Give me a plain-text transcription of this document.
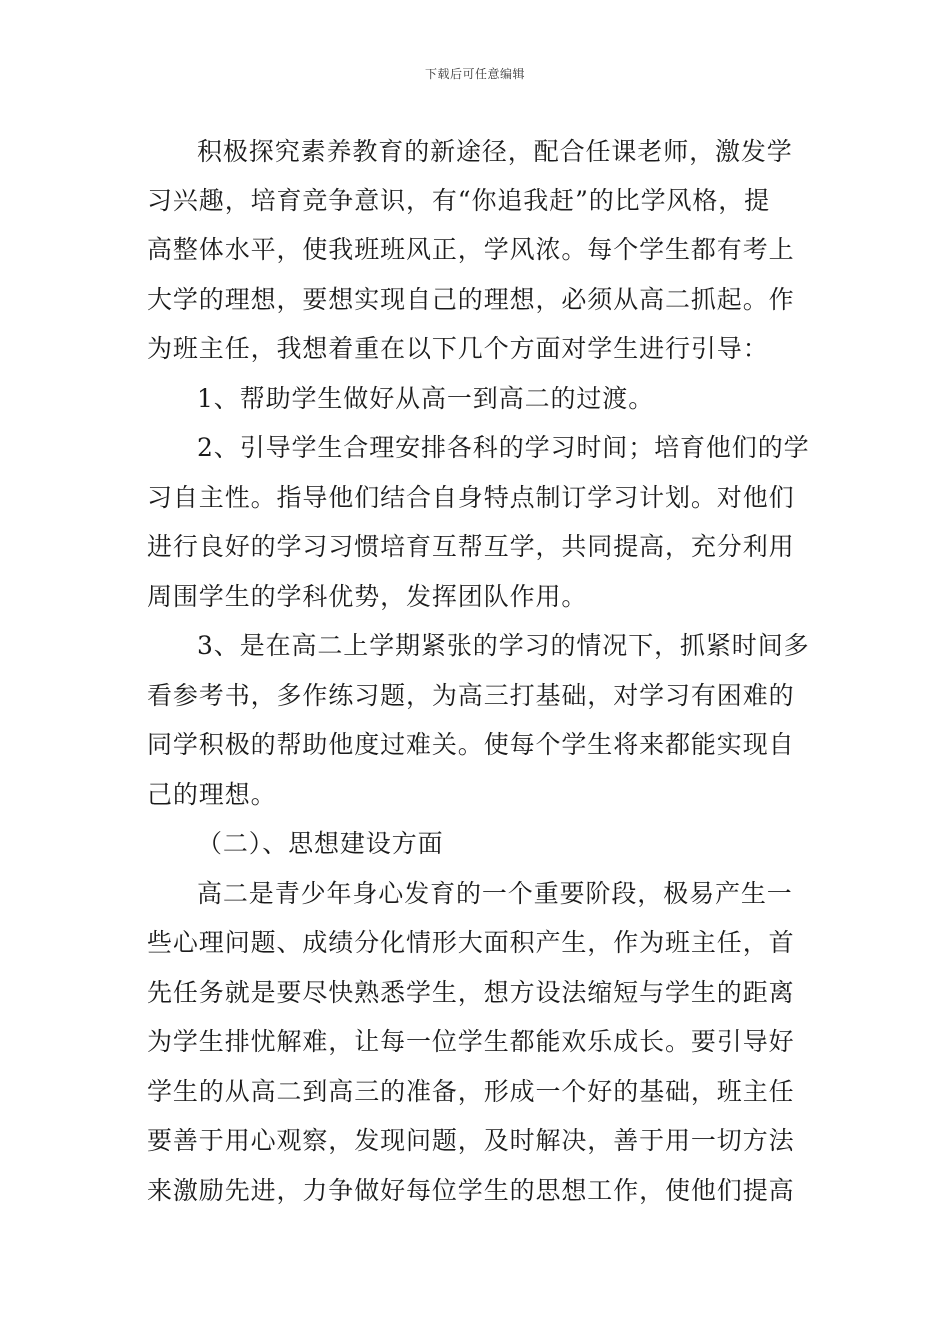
下载后可任意编辑
积极探究素养教育的新途径，配合任课老师，激发学
习兴趣，培育竞争意识，有“你追我赶”的比学风格，提
高整体水平，使我班班风正，学风浓。每个学生都有考上
大学的理想，要想实现自己的理想，必须从高二抓起。作
为班主任，我想着重在以下几个方面对学生进行引导：
1、帮助学生做好从高一到高二的过渡。
2、引导学生合理安排各科的学习时间；培育他们的学
习自主性。指导他们结合自身特点制订学习计划。对他们
进行良好的学习习惯培育互帮互学，共同提高，充分利用
周围学生的学科优势，发挥团队作用。
3、是在高二上学期紧张的学习的情况下，抓紧时间多
看参考书，多作练习题，为高三打基础，对学习有困难的
同学积极的帮助他度过难关。使每个学生将来都能实现自
己的理想。
（二）、思想建设方面
高二是青少年身心发育的一个重要阶段，极易产生一
些心理问题、成绩分化情形大面积产生，作为班主任，首
先任务就是要尽快熟悉学生，想方设法缩短与学生的距离
为学生排忧解难，让每一位学生都能欢乐成长。要引导好
学生的从高二到高三的准备，形成一个好的基础，班主任
要善于用心观察，发现问题，及时解决，善于用一切方法
来激励先进，力争做好每位学生的思想工作，使他们提高
